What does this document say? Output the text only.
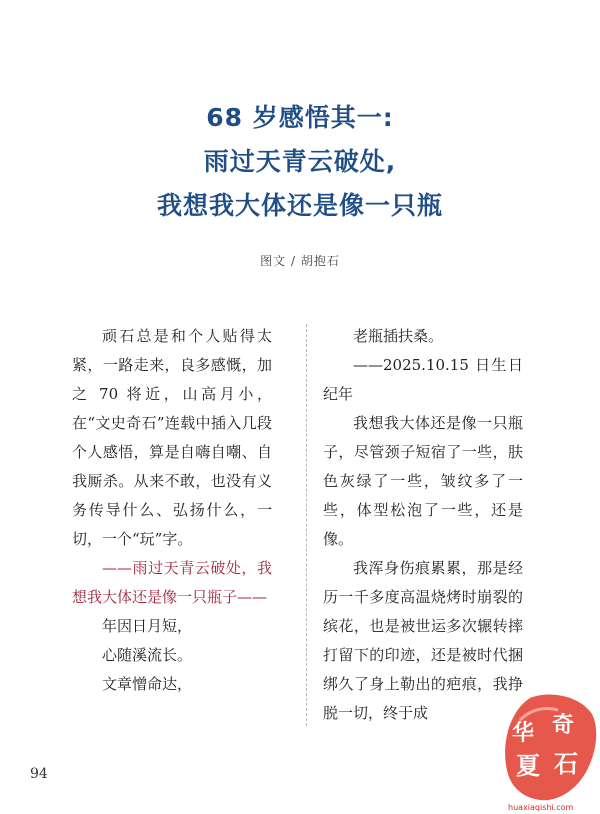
68 岁感悟其一:
雨过天青云破处,
我想我大体还是像一只瓶
图文 / 胡抱石

顽石总是和个人贴得太紧，一路走来，良多感慨，加之 70 将近，山高月小，在“文史奇石”连载中插入几段个人感悟，算是自嗨自嘲、自我厮杀。从来不敢，也没有义务传导什么、弘扬什么，一切，一个“玩”字。

——雨过天青云破处，我想我大体还是像一只瓶子——

年因日月短，

心随溪流长。

文章憎命达，

老瓶插扶桑。

——2025.10.15 日生日纪年

我想我大体还是像一只瓶子，尽管颈子短宿了一些，肤色灰绿了一些，皱纹多了一些，体型松泡了一些，还是像。

我浑身伤痕累累，那是经历一千多度高温烧烤时崩裂的缤花，也是被世运多次辗转摔打留下的印迹，还是被时代捆绑久了身上勒出的疤痕，我挣脱一切，终于成

94
华 奇
夏 石
huaxiaqishi.com
